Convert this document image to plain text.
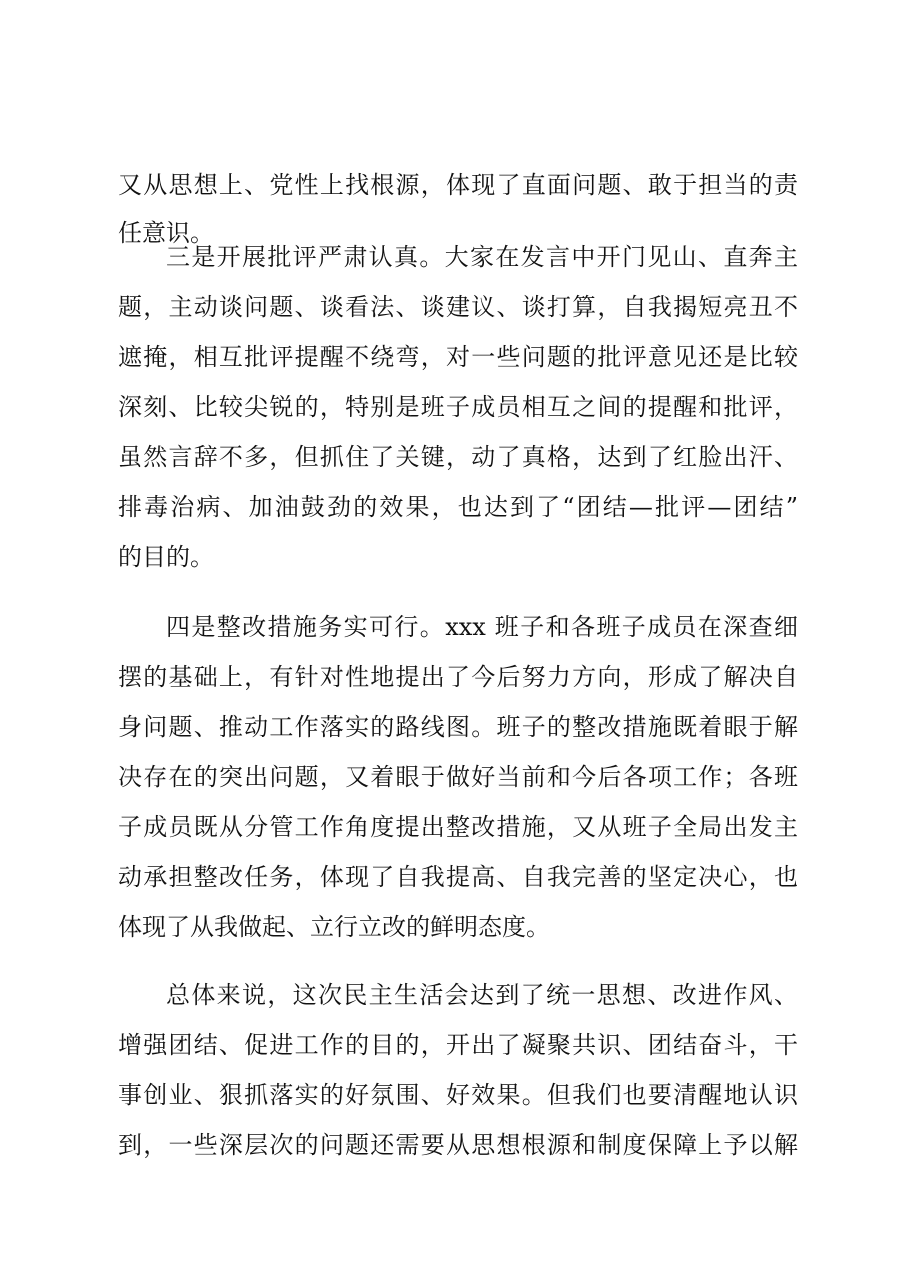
又从思想上、党性上找根源，体现了直面问题、敢于担当的责
任意识。
三是开展批评严肃认真。大家在发言中开门见山、直奔主
题，主动谈问题、谈看法、谈建议、谈打算，自我揭短亮丑不
遮掩，相互批评提醒不绕弯，对一些问题的批评意见还是比较
深刻、比较尖锐的，特别是班子成员相互之间的提醒和批评，
虽然言辞不多，但抓住了关键，动了真格，达到了红脸出汗、
排毒治病、加油鼓劲的效果，也达到了“团结—批评—团结”
的目的。
四是整改措施务实可行。xxx 班子和各班子成员在深查细
摆的基础上，有针对性地提出了今后努力方向，形成了解决自
身问题、推动工作落实的路线图。班子的整改措施既着眼于解
决存在的突出问题，又着眼于做好当前和今后各项工作；各班
子成员既从分管工作角度提出整改措施，又从班子全局出发主
动承担整改任务，体现了自我提高、自我完善的坚定决心，也
体现了从我做起、立行立改的鲜明态度。
总体来说，这次民主生活会达到了统一思想、改进作风、
增强团结、促进工作的目的，开出了凝聚共识、团结奋斗，干
事创业、狠抓落实的好氛围、好效果。但我们也要清醒地认识
到，一些深层次的问题还需要从思想根源和制度保障上予以解
